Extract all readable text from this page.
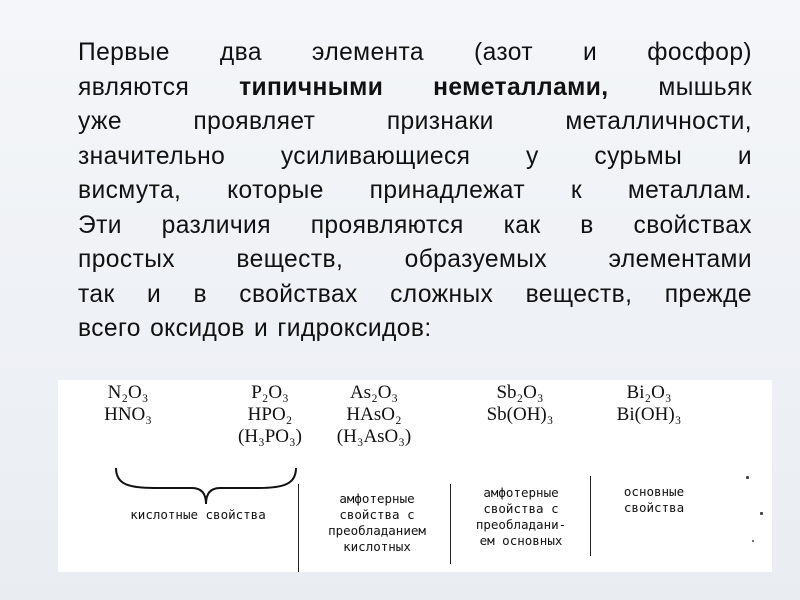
Первые два элемента (азот и фосфор)
являются типичными неметаллами, мышьяк
уже проявляет признаки металличности,
значительно усиливающиеся у сурьмы и
висмута, которые принадлежат к металлам.
Эти различия проявляются как в свойствах
простых веществ, образуемых элементами
так и в свойствах сложных веществ, прежде
всего оксидов и гидроксидов:
N₂O₃
HNO₃
P₂O₃
HPO₂
(H₃PO₃)
As₂O₃
HAsO₂
(H₃AsO₃)
Sb₂O₃
Sb(OH)₃
Bi₂O₃
Bi(OH)₃
кислотные свойства
амфотерные
свойства с
преобладанием
кислотных
амфотерные
свойства с
преобладани-
ем основных
основные
свойства
